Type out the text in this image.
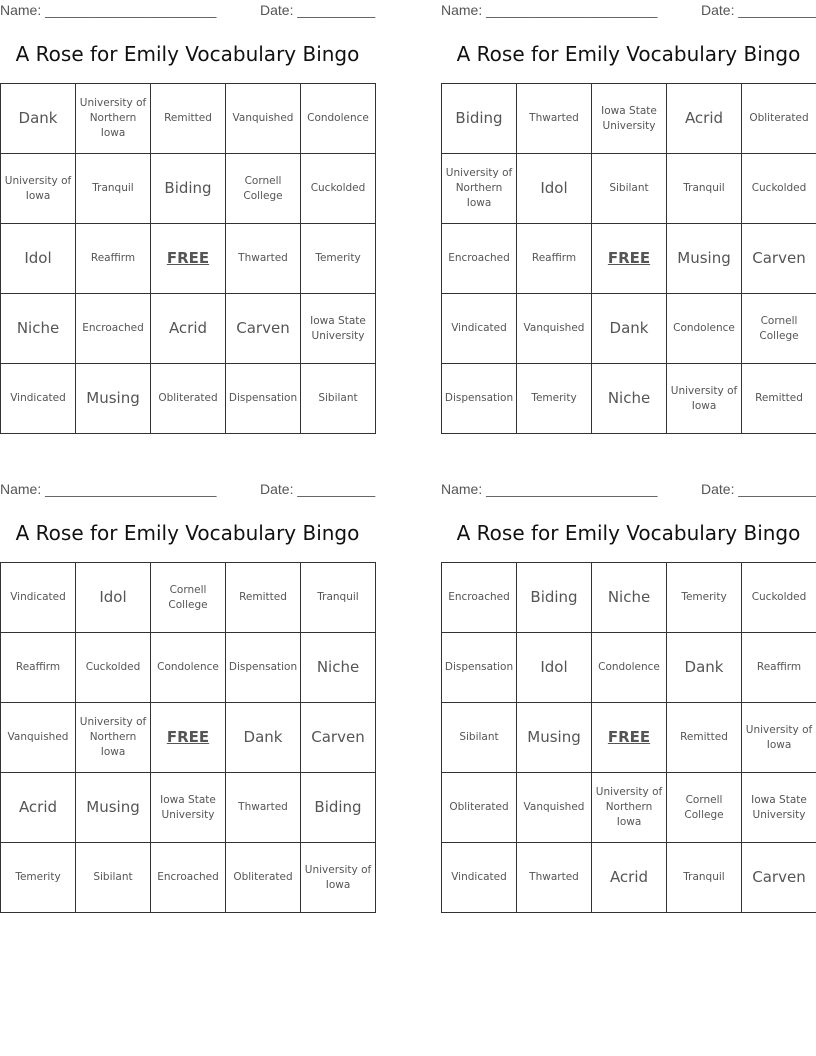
Name: ______________________	Date: __________
A Rose for Emily Vocabulary Bingo
Dank	University of Northern Iowa	Remitted	Vanquished	Condolence
University of Iowa	Tranquil	Biding	Cornell College	Cuckolded
Idol	Reaffirm	FREE	Thwarted	Temerity
Niche	Encroached	Acrid	Carven	Iowa State University
Vindicated	Musing	Obliterated	Dispensation	Sibilant
Name: ______________________	Date: __________
A Rose for Emily Vocabulary Bingo
Biding	Thwarted	Iowa State University	Acrid	Obliterated
University of Northern Iowa	Idol	Sibilant	Tranquil	Cuckolded
Encroached	Reaffirm	FREE	Musing	Carven
Vindicated	Vanquished	Dank	Condolence	Cornell College
Dispensation	Temerity	Niche	University of Iowa	Remitted
Name: ______________________	Date: __________
A Rose for Emily Vocabulary Bingo
Vindicated	Idol	Cornell College	Remitted	Tranquil
Reaffirm	Cuckolded	Condolence	Dispensation	Niche
Vanquished	University of Northern Iowa	FREE	Dank	Carven
Acrid	Musing	Iowa State University	Thwarted	Biding
Temerity	Sibilant	Encroached	Obliterated	University of Iowa
Name: ______________________	Date: __________
A Rose for Emily Vocabulary Bingo
Encroached	Biding	Niche	Temerity	Cuckolded
Dispensation	Idol	Condolence	Dank	Reaffirm
Sibilant	Musing	FREE	Remitted	University of Iowa
Obliterated	Vanquished	University of Northern Iowa	Cornell College	Iowa State University
Vindicated	Thwarted	Acrid	Tranquil	Carven
